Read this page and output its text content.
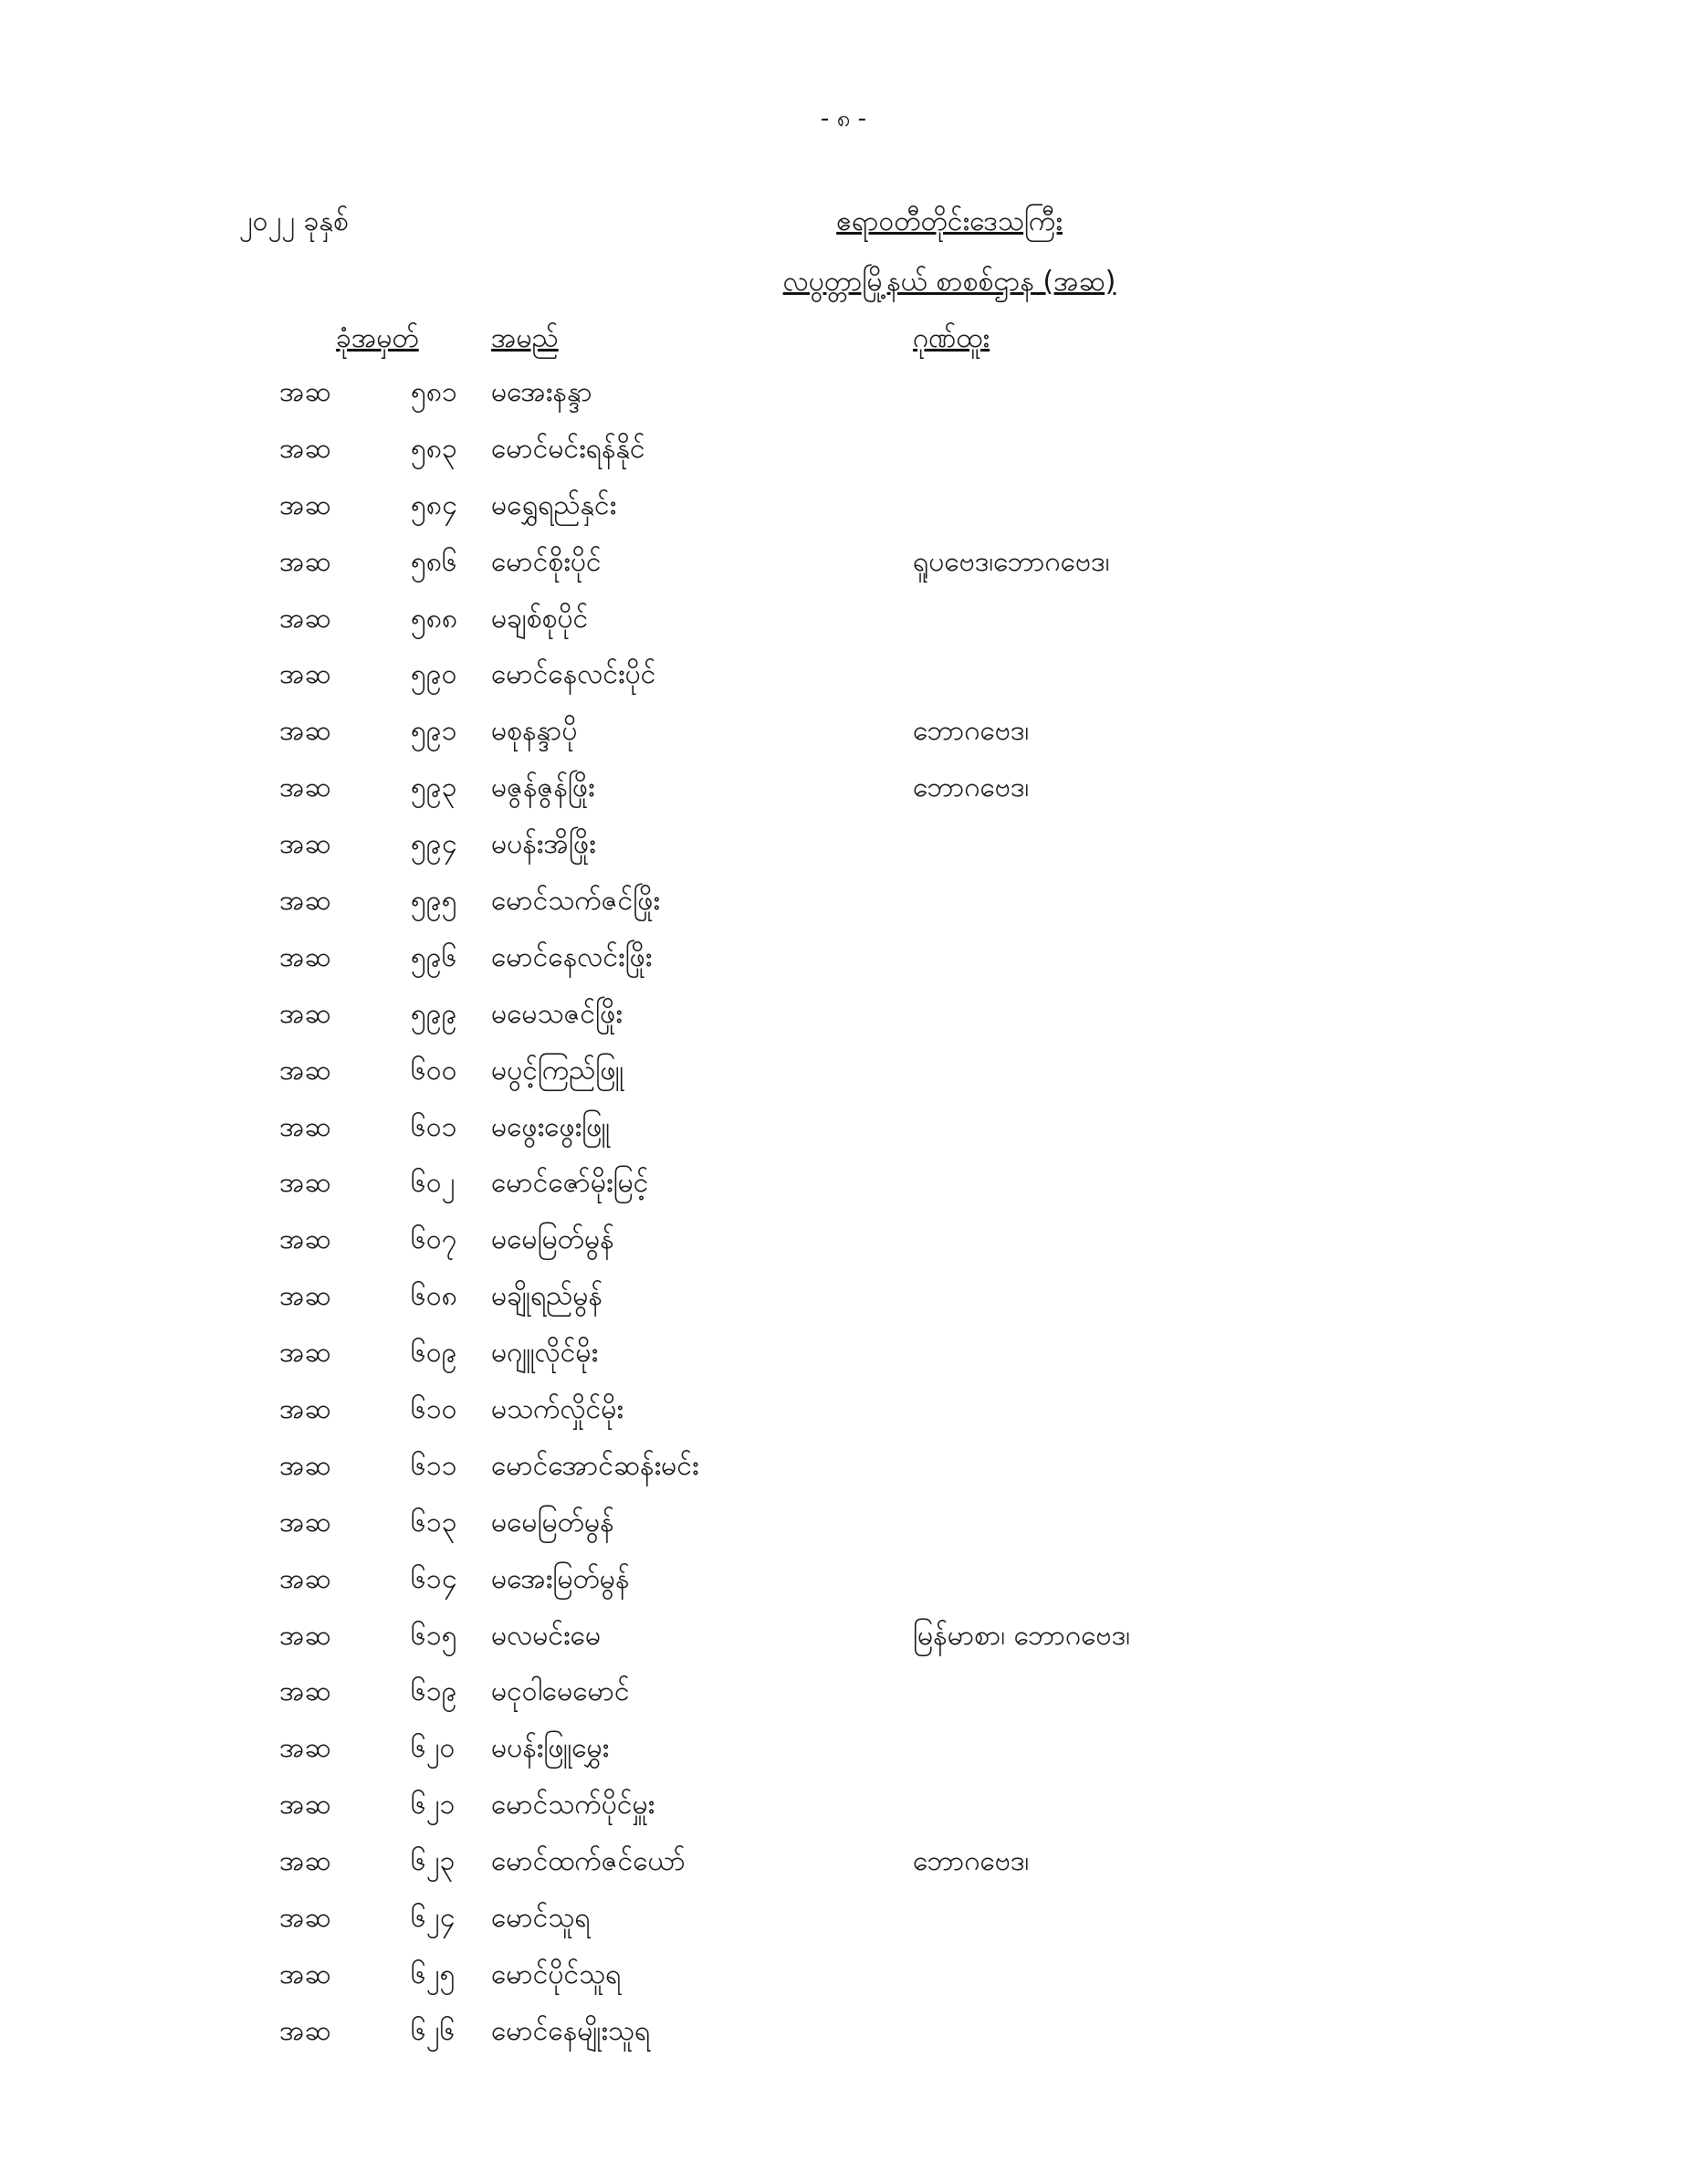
- ၈ -
၂၀၂၂ ခုနှစ်	ဧရာဝတီတိုင်းဒေသကြီး
လပွတ္တာမြို့နယ် စာစစ်ဌာန (အဆ)
ခုံအမှတ်	အမည်	ဂုဏ်ထူး
အဆ	၅၈၁ မအေးနန္ဒာ
အဆ	၅၈၃ မောင်မင်းရန်နိုင်
အဆ	၅၈၄ မရွှေရည်နှင်း
အဆ	၅၈၆ မောင်စိုးပိုင်	ရူပဗေဒ၊ဘောဂဗေဒ၊
အဆ	၅၈၈ မချစ်စုပိုင်
အဆ	၅၉၀ မောင်နေလင်းပိုင်
အဆ	၅၉၁ မစုနန္ဒာပို	ဘောဂဗေဒ၊
အဆ	၅၉၃ မဇွန်ဇွန်ဖြိုး	ဘောဂဗေဒ၊
အဆ	၅၉၄ မပန်းအိဖြိုး
အဆ	၅၉၅ မောင်သက်ဇင်ဖြိုး
အဆ	၅၉၆ မောင်နေလင်းဖြိုး
အဆ	၅၉၉ မမေသဇင်ဖြိုး
အဆ	၆၀၀ မပွင့်ကြည်ဖြူ
အဆ	၆၀၁ မဖွေးဖွေးဖြူ
အဆ	၆၀၂ မောင်ဇော်မိုးမြင့်
အဆ	၆၀၇ မမေမြတ်မွန်
အဆ	၆၀၈ မချိုရည်မွန်
အဆ	၆၀၉ မဂျူလိုင်မိုး
အဆ	၆၁၀ မသက်လှိုင်မိုး
အဆ	၆၁၁ မောင်အောင်ဆန်းမင်း
အဆ	၆၁၃ မမေမြတ်မွန်
အဆ	၆၁၄ မအေးမြတ်မွန်
အဆ	၆၁၅ မလမင်းမေ	မြန်မာစာ၊ ဘောဂဗေဒ၊
အဆ	၆၁၉ မငုဝါမေမောင်
အဆ	၆၂၀ မပန်းဖြူမွှေး
အဆ	၆၂၁ မောင်သက်ပိုင်မှူး
အဆ	၆၂၃ မောင်ထက်ဇင်ယော်	ဘောဂဗေဒ၊
အဆ	၆၂၄ မောင်သူရ
အဆ	၆၂၅ မောင်ပိုင်သူရ
အဆ	၆၂၆ မောင်နေမျိုးသူရ
